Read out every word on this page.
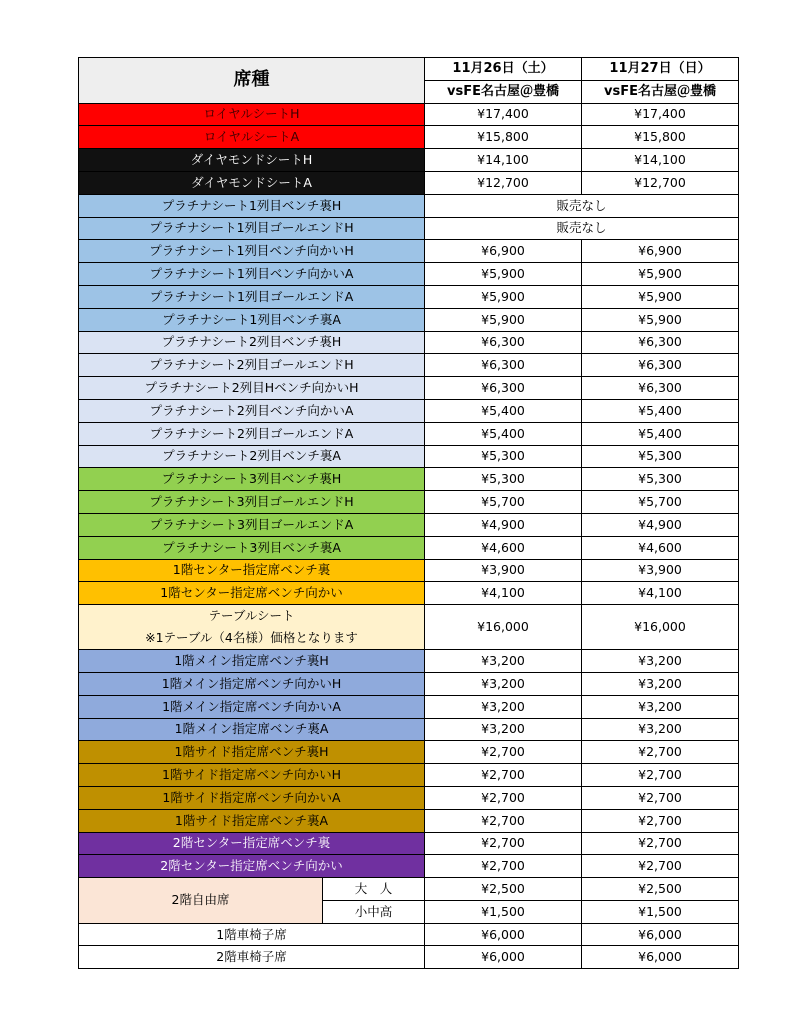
席種		11月26日（土）	11月27日（日）
		vsFE名古屋＠豊橋	vsFE名古屋＠豊橋
ロイヤルシートH		¥17,400	¥17,400
ロイヤルシートA		¥15,800	¥15,800
ダイヤモンドシートH		¥14,100	¥14,100
ダイヤモンドシートA		¥12,700	¥12,700
プラチナシート1列目ベンチ裏H		販売なし	
プラチナシート1列目ゴールエンドH		販売なし	
プラチナシート1列目ベンチ向かいH		¥6,900	¥6,900
プラチナシート1列目ベンチ向かいA		¥5,900	¥5,900
プラチナシート1列目ゴールエンドA		¥5,900	¥5,900
プラチナシート1列目ベンチ裏A		¥5,900	¥5,900
プラチナシート2列目ベンチ裏H		¥6,300	¥6,300
プラチナシート2列目ゴールエンドH		¥6,300	¥6,300
プラチナシート2列目Hベンチ向かいH		¥6,300	¥6,300
プラチナシート2列目ベンチ向かいA		¥5,400	¥5,400
プラチナシート2列目ゴールエンドA		¥5,400	¥5,400
プラチナシート2列目ベンチ裏A		¥5,300	¥5,300
プラチナシート3列目ベンチ裏H		¥5,300	¥5,300
プラチナシート3列目ゴールエンドH		¥5,700	¥5,700
プラチナシート3列目ゴールエンドA		¥4,900	¥4,900
プラチナシート3列目ベンチ裏A		¥4,600	¥4,600
1階センター指定席ベンチ裏		¥3,900	¥3,900
1階センター指定席ベンチ向かい		¥4,100	¥4,100

テーブルシート
※1テーブル（4名様）価格となります		¥16,000	¥16,000
1階メイン指定席ベンチ裏H		¥3,200	¥3,200
1階メイン指定席ベンチ向かいH		¥3,200	¥3,200
1階メイン指定席ベンチ向かいA		¥3,200	¥3,200
1階メイン指定席ベンチ裏A		¥3,200	¥3,200
1階サイド指定席ベンチ裏H		¥2,700	¥2,700
1階サイド指定席ベンチ向かいH		¥2,700	¥2,700
1階サイド指定席ベンチ向かいA		¥2,700	¥2,700
1階サイド指定席ベンチ裏A		¥2,700	¥2,700
2階センター指定席ベンチ裏		¥2,700	¥2,700
2階センター指定席ベンチ向かい		¥2,700	¥2,700
2階自由席	大　人	¥2,500	¥2,500
	小中高	¥1,500	¥1,500
1階車椅子席		¥6,000	¥6,000
2階車椅子席		¥6,000	¥6,000
